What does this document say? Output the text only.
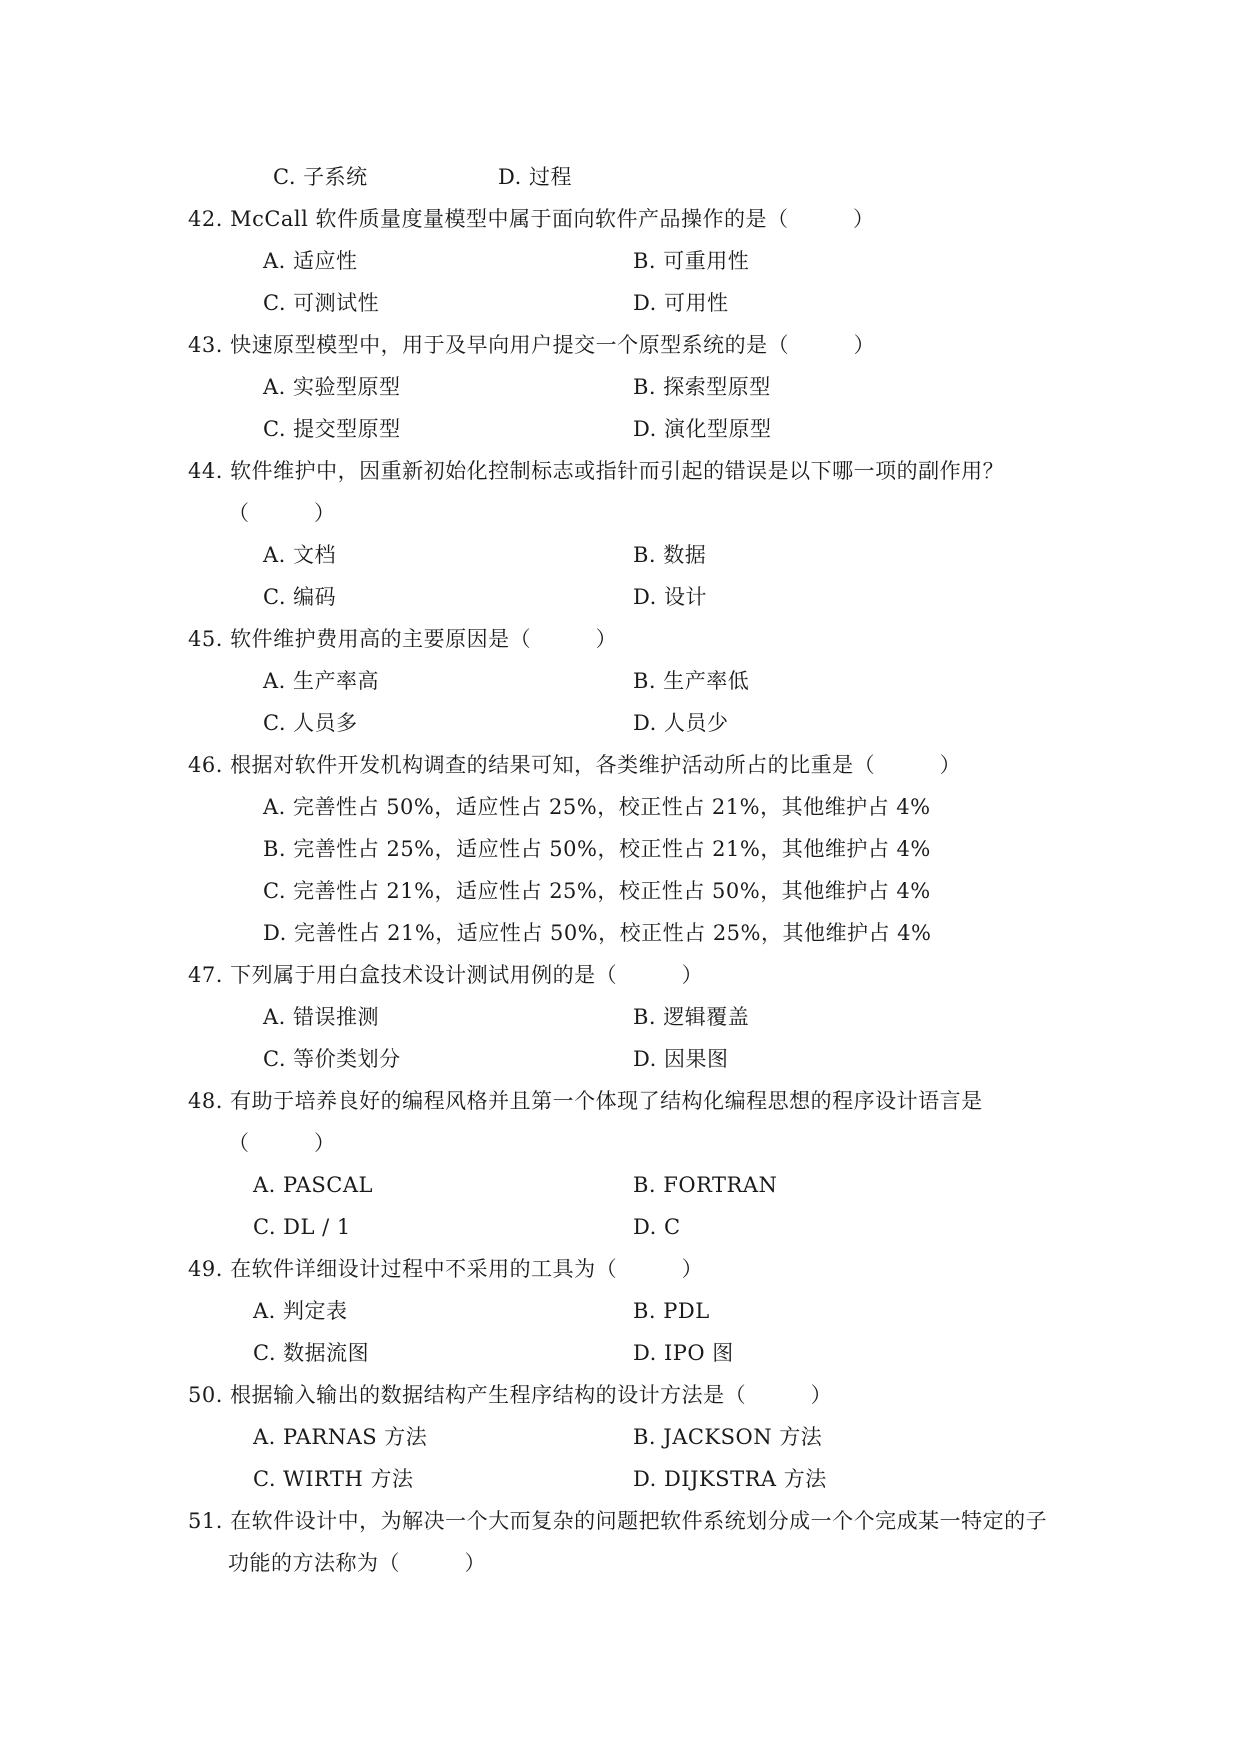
C. 子系统	D. 过程
42. McCall 软件质量度量模型中属于面向软件产品操作的是（　　　）
A. 适应性	B. 可重用性
C. 可测试性	D. 可用性
43. 快速原型模型中，用于及早向用户提交一个原型系统的是（　　　）
A. 实验型原型	B. 探索型原型
C. 提交型原型	D. 演化型原型
44. 软件维护中，因重新初始化控制标志或指针而引起的错误是以下哪一项的副作用？
（　　　）
A. 文档	B. 数据
C. 编码	D. 设计
45. 软件维护费用高的主要原因是（　　　）
A. 生产率高	B. 生产率低
C. 人员多	D. 人员少
46. 根据对软件开发机构调查的结果可知，各类维护活动所占的比重是（　　　）
A. 完善性占 50%，适应性占 25%，校正性占 21%，其他维护占 4%
B. 完善性占 25%，适应性占 50%，校正性占 21%，其他维护占 4%
C. 完善性占 21%，适应性占 25%，校正性占 50%，其他维护占 4%
D. 完善性占 21%，适应性占 50%，校正性占 25%，其他维护占 4%
47. 下列属于用白盒技术设计测试用例的是（　　　）
A. 错误推测	B. 逻辑覆盖
C. 等价类划分	D. 因果图
48. 有助于培养良好的编程风格并且第一个体现了结构化编程思想的程序设计语言是
（　　　）
A. PASCAL	B. FORTRAN
C. DL / 1	D. C
49. 在软件详细设计过程中不采用的工具为（　　　）
A. 判定表	B. PDL
C. 数据流图	D. IPO 图
50. 根据输入输出的数据结构产生程序结构的设计方法是（　　　）
A. PARNAS 方法	B. JACKSON 方法
C. WIRTH 方法	D. DIJKSTRA 方法
51. 在软件设计中，为解决一个大而复杂的问题把软件系统划分成一个个完成某一特定的子
功能的方法称为（　　　）
